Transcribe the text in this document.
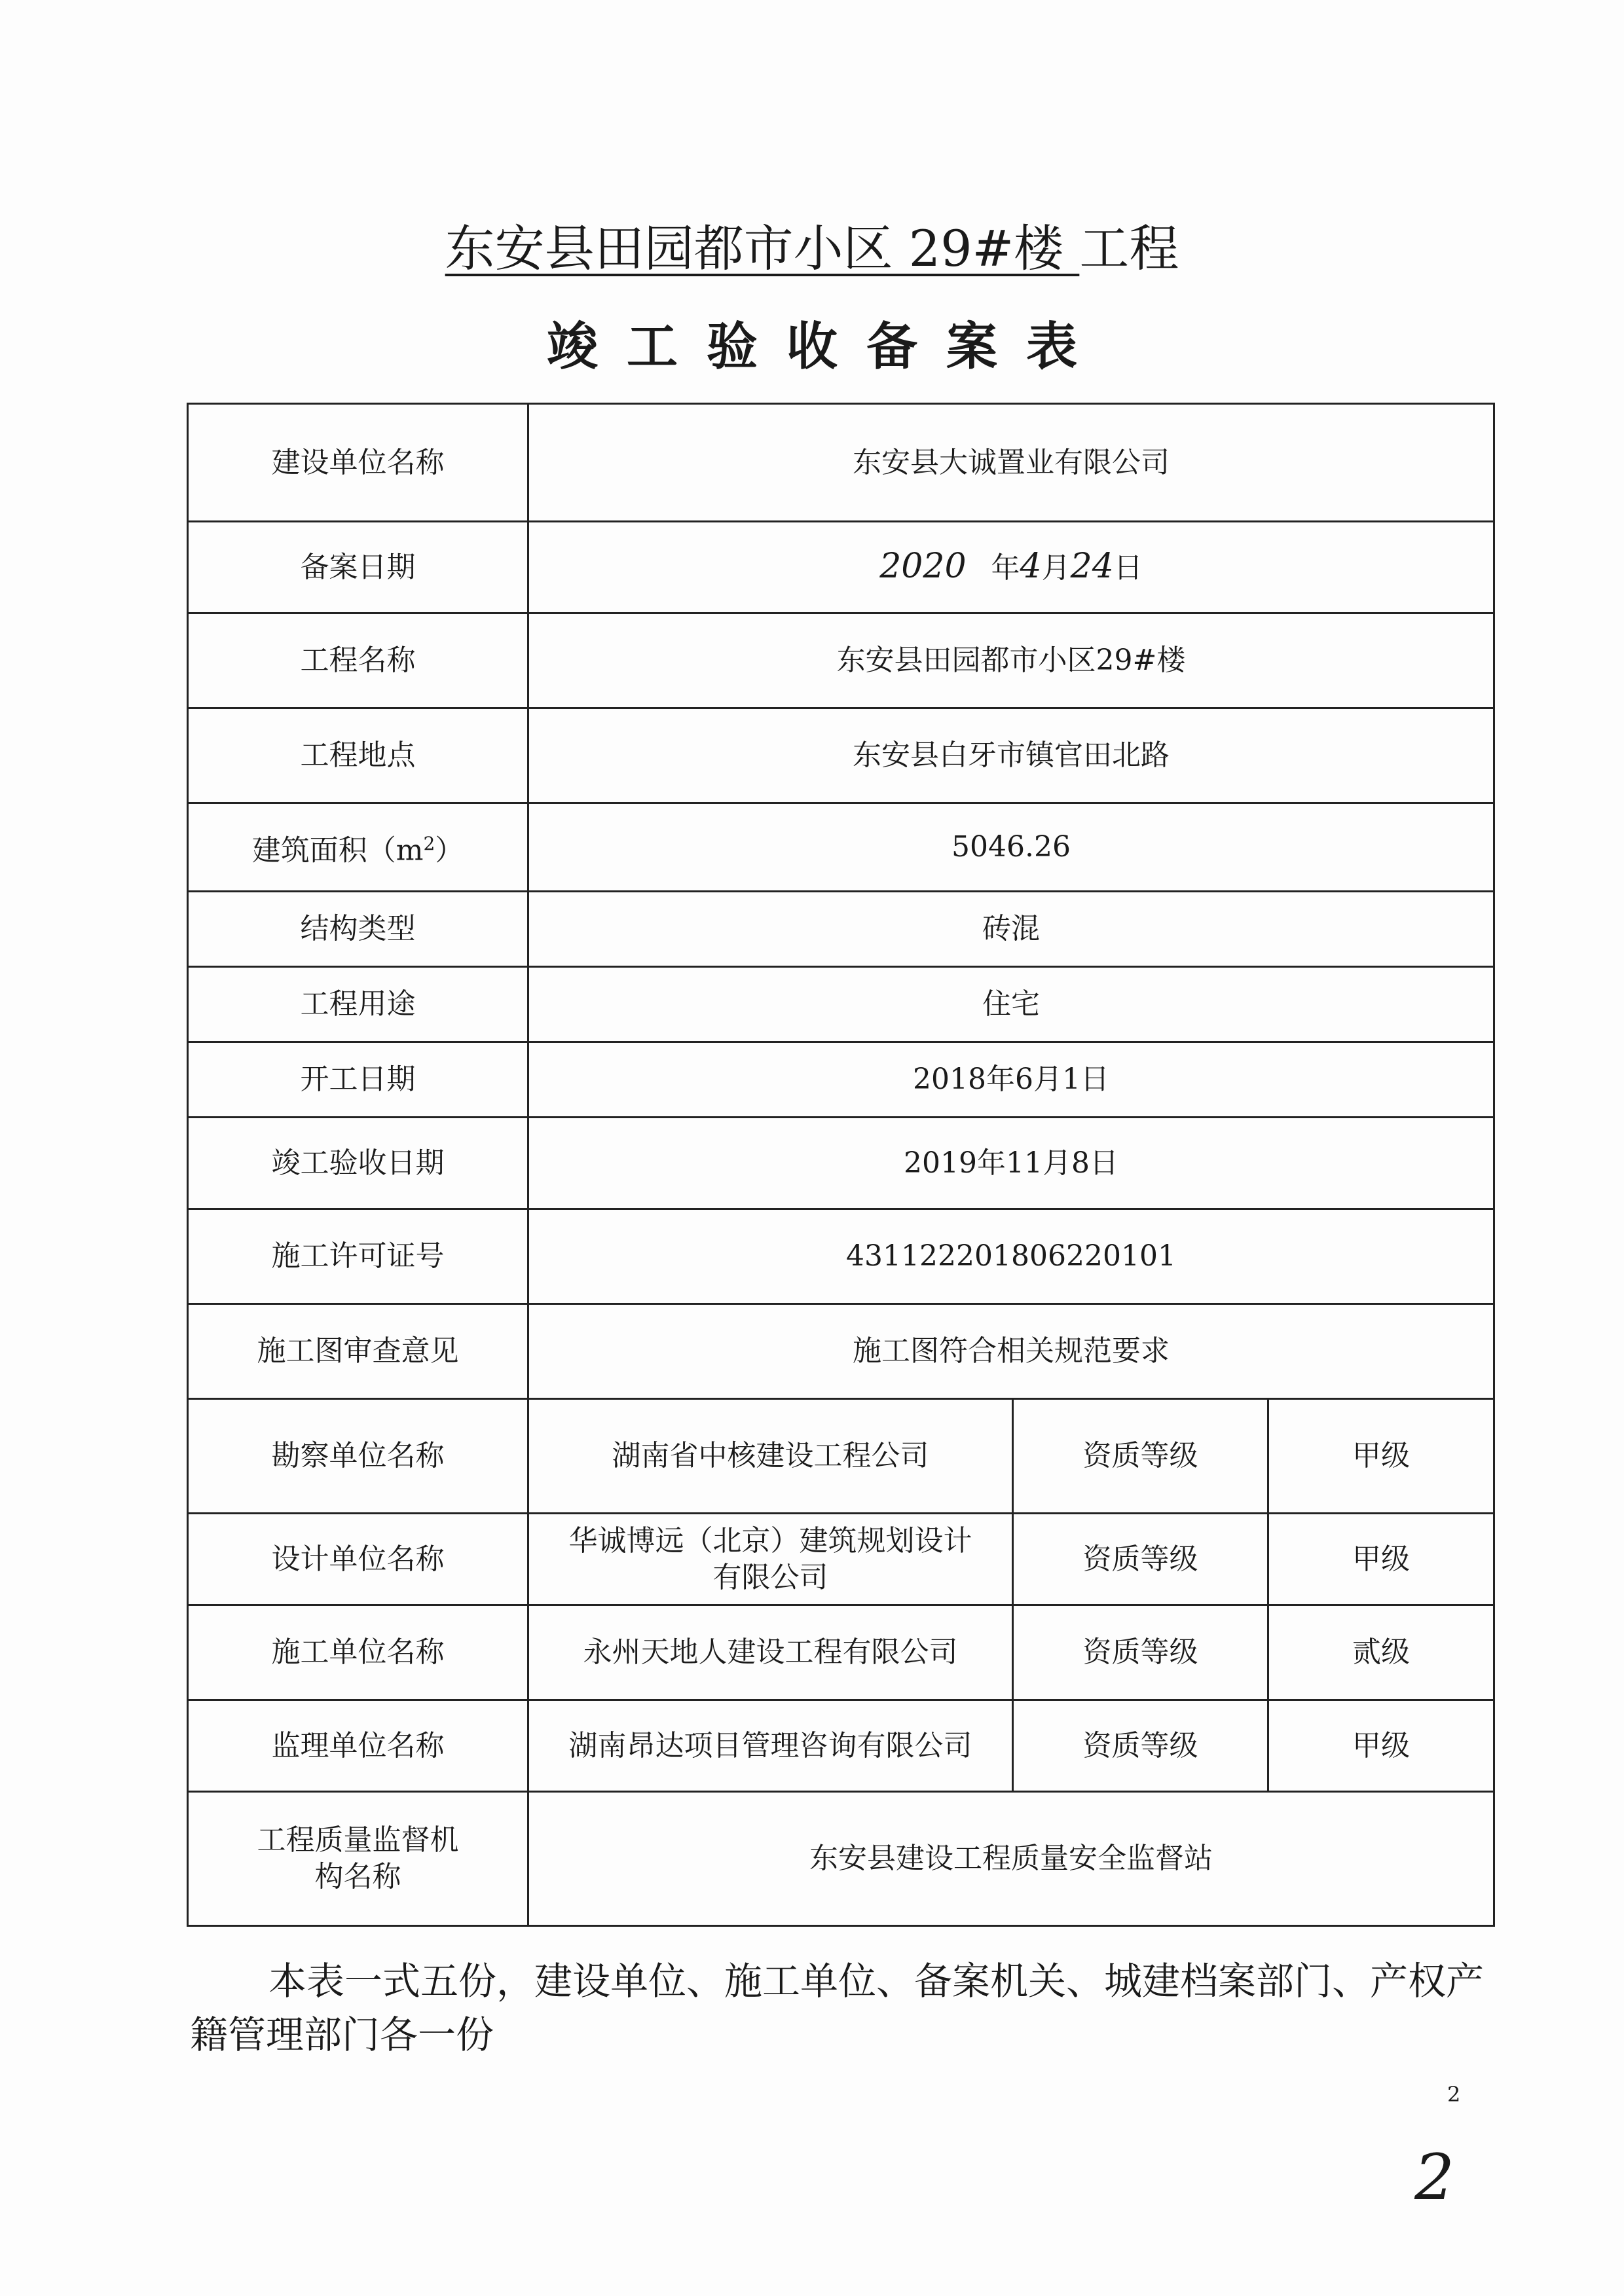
东安县田园都市小区 29#楼 工程
竣工验收备案表
建设单位名称	东安县大诚置业有限公司		
备案日期	2020 年4月24日		
工程名称	东安县田园都市小区29#楼		
工程地点	东安县白牙市镇官田北路		
建筑面积$(m^2)$	5046.26		
结构类型	砖混		
工程用途	住宅		
开工日期	2018年6月1日		
竣工验收日期	2019年11月8日		
施工许可证号	431122201806220101		
施工图审查意见	施工图符合相关规范要求		
勘察单位名称	湖南省中核建设工程公司	资质等级	甲级
设计单位名称	华诚博远（北京）建筑规划设计有限公司	资质等级	甲级
施工单位名称	永州天地人建设工程有限公司	资质等级	贰级
监理单位名称	湖南昂达项目管理咨询有限公司	资质等级	甲级
工程质量监督机构名称	东安县建设工程质量安全监督站		
本表一式五份，建设单位、施工单位、备案机关、城建档案部门、产权产籍管理部门各一份
2
2
